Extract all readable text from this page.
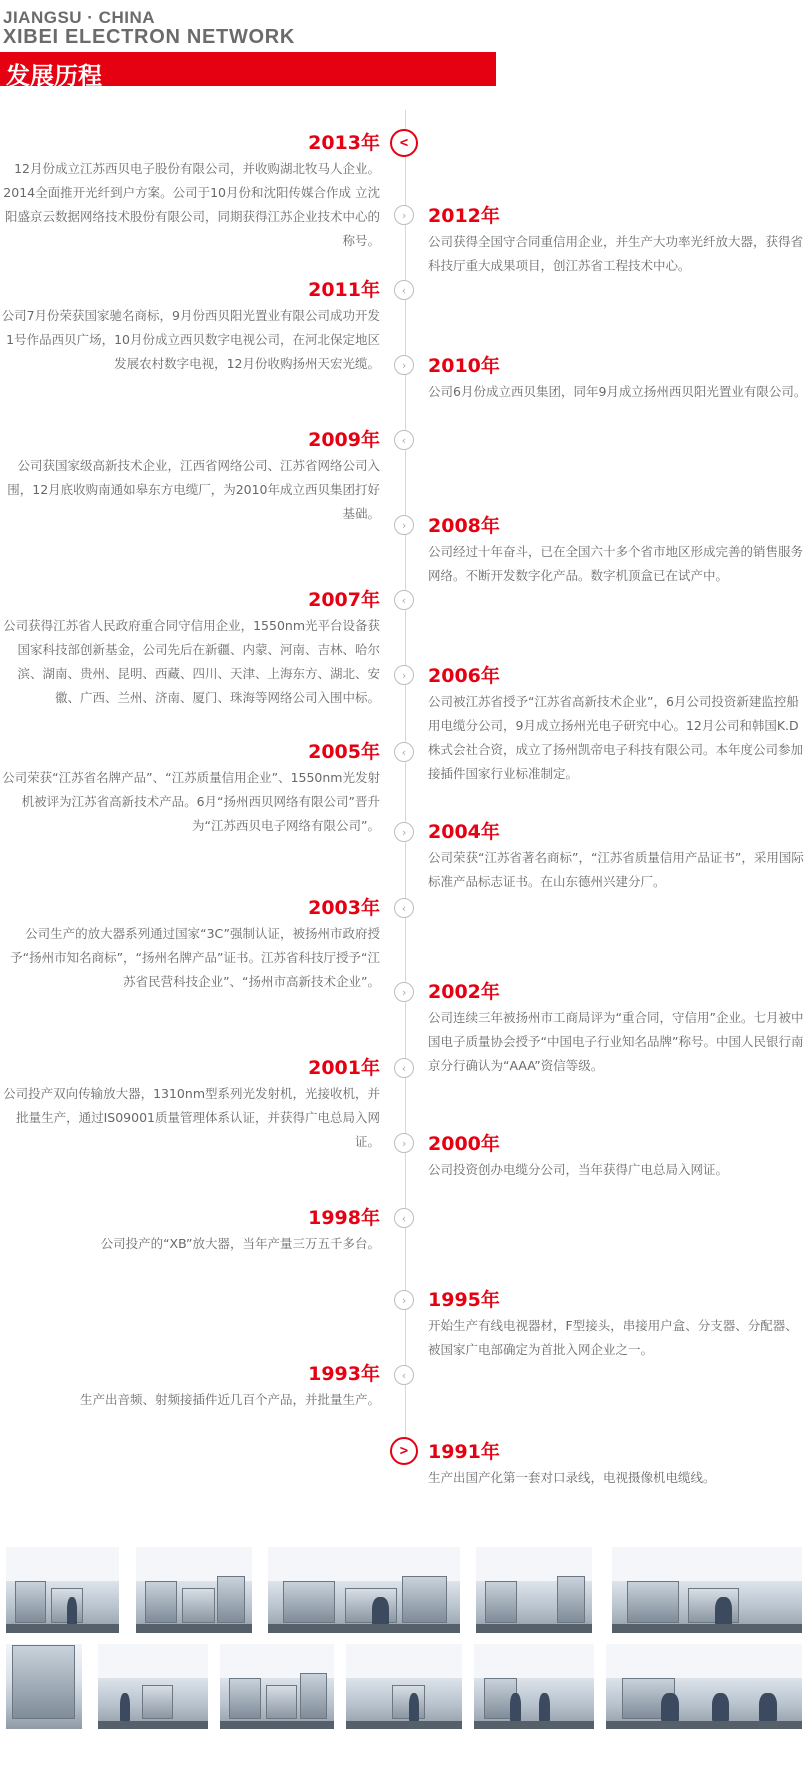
JIANGSU · CHINA
XIBEI ELECTRON NETWORK
发展历程
<
2013年
12月份成立江苏西贝电子股份有限公司，并收购湖北牧马人企业。2014全面推开光纤到户方案。公司于10月份和沈阳传媒合作成 立沈阳盛京云数据网络技术股份有限公司，同期获得江苏企业技术中心的称号。
›	2012年
公司获得全国守合同重信用企业，并生产大功率光纤放大器，获得省科技厅重大成果项目，创江苏省工程技术中心。
‹
2011年
公司7月份荣获国家驰名商标，9月份西贝阳光置业有限公司成功开发1号作品西贝广场，10月份成立西贝数字电视公司，在河北保定地区发展农村数字电视，12月份收购扬州天宏光缆。	›	2010年
公司6月份成立西贝集团，同年9月成立扬州西贝阳光置业有限公司。
‹
2009年
公司获国家级高新技术企业，江西省网络公司、江苏省网络公司入围，12月底收购南通如皋东方电缆厂，为2010年成立西贝集团打好基础。
›	2008年
公司经过十年奋斗，已在全国六十多个省市地区形成完善的销售服务网络。不断开发数字化产品。数字机顶盒已在试产中。
‹
2007年
公司获得江苏省人民政府重合同守信用企业，1550nm光平台设备获国家科技部创新基金，公司先后在新疆、内蒙、河南、吉林、哈尔滨、湖南、贵州、昆明、西藏、四川、天津、上海东方、湖北、安徽、广西、兰州、济南、厦门、珠海等网络公司入围中标。
›	2006年
公司被江苏省授予“江苏省高新技术企业”，6月公司投资新建监控船用电缆分公司，9月成立扬州光电子研究中心。12月公司和韩国K.D株式会社合资，成立了扬州凯帝电子科技有限公司。本年度公司参加接插件国家行业标准制定。
‹
2005年
公司荣获“江苏省名牌产品”、“江苏质量信用企业”、1550nm光发射机被评为江苏省高新技术产品。6月“扬州西贝网络有限公司”晋升为“江苏西贝电子网络有限公司”。	›	2004年
公司荣获“江苏省著名商标”，“江苏省质量信用产品证书”，采用国际标准产品标志证书。在山东德州兴建分厂。
‹
2003年
公司生产的放大器系列通过国家“3C”强制认证，被扬州市政府授予“扬州市知名商标”，“扬州名牌产品”证书。江苏省科技厅授予“江苏省民营科技企业”、“扬州市高新技术企业”。
›	2002年
公司连续三年被扬州市工商局评为“重合同，守信用”企业。七月被中国电子质量协会授予“中国电子行业知名品牌”称号。中国人民银行南京分行确认为“AAA”资信等级。
‹
2001年
公司投产双向传输放大器，1310nm型系列光发射机，光接收机，并批量生产，通过IS09001质量管理体系认证，并获得广电总局入网证。	›	2000年
公司投资创办电缆分公司，当年获得广电总局入网证。
‹
1998年
公司投产的“XB”放大器，当年产量三万五千多台。
›	1995年
开始生产有线电视器材，F型接头，串接用户盒、分支器、分配器、被国家广电部确定为首批入网企业之一。
‹
1993年
生产出音频、射频接插件近几百个产品，并批量生产。
>	1991年
生产出国产化第一套对口录线，电视摄像机电缆线。
